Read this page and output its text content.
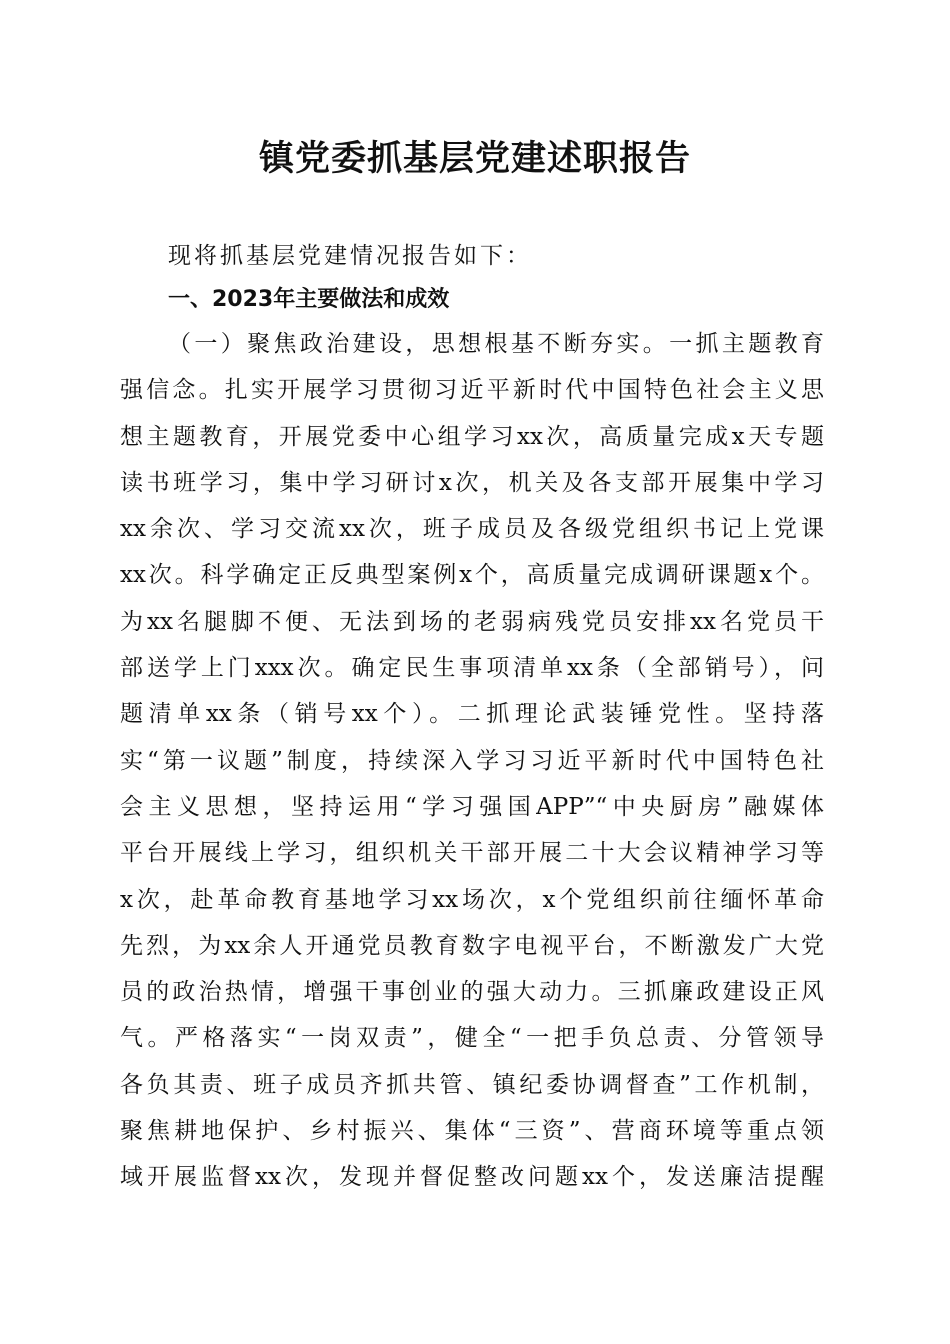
镇党委抓基层党建述职报告

现将抓基层党建情况报告如下：

一、2023年主要做法和成效
（一）聚焦政治建设，思想根基不断夯实。一抓主题教育
强信念。扎实开展学习贯彻习近平新时代中国特色社会主义思
想主题教育，开展党委中心组学习xx次，高质量完成x天专题
读书班学习，集中学习研讨x次，机关及各支部开展集中学习
xx余次、学习交流xx次，班子成员及各级党组织书记上党课
xx次。科学确定正反典型案例x个，高质量完成调研课题x个。
为xx名腿脚不便、无法到场的老弱病残党员安排xx名党员干
部送学上门xxx次。确定民生事项清单xx条（全部销号），问
题清单xx条（销号xx个）。二抓理论武装锤党性。坚持落
实“第一议题”制度，持续深入学习习近平新时代中国特色社
会主义思想，坚持运用“学习强国APP”“中央厨房”融媒体
平台开展线上学习，组织机关干部开展二十大会议精神学习等
x次，赴革命教育基地学习xx场次，x个党组织前往缅怀革命
先烈，为xx余人开通党员教育数字电视平台，不断激发广大党
员的政治热情，增强干事创业的强大动力。三抓廉政建设正风
气。严格落实“一岗双责”，健全“一把手负总责、分管领导
各负其责、班子成员齐抓共管、镇纪委协调督查”工作机制，
聚焦耕地保护、乡村振兴、集体“三资”、营商环境等重点领
域开展监督xx次，发现并督促整改问题xx个，发送廉洁提醒
